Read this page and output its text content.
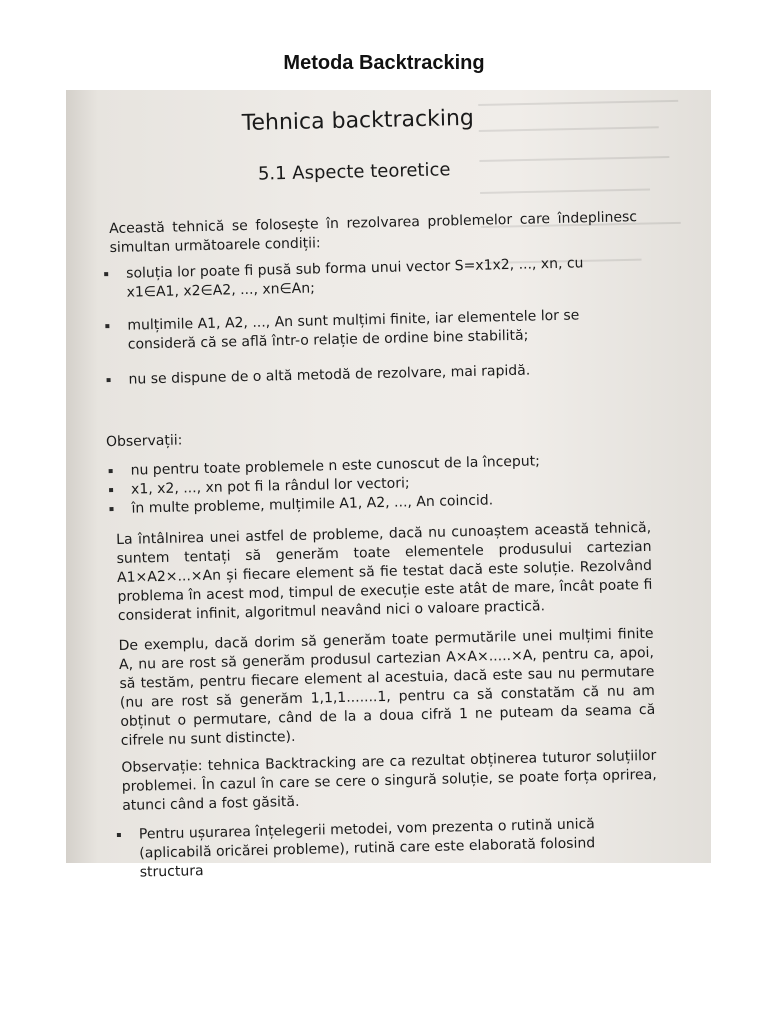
Metoda Backtracking
Tehnica backtracking
5.1 Aspecte teoretice
Această tehnică se folosește în rezolvarea problemelor care îndeplinesc simultan următoarele condiții:
soluția lor poate fi pusă sub forma unui vector S=x1x2, ..., xn, cu x1∈A1, x2∈A2, ..., xn∈An;
mulțimile A1, A2, ..., An sunt mulțimi finite, iar elementele lor se consideră că se află într-o relație de ordine bine stabilită;
nu se dispune de o altă metodă de rezolvare, mai rapidă.
Observații:
nu pentru toate problemele n este cunoscut de la început;
x1, x2, ..., xn pot fi la rândul lor vectori;
în multe probleme, mulțimile A1, A2, ..., An coincid.
La întâlnirea unei astfel de probleme, dacă nu cunoaștem această tehnică, suntem tentați să generăm toate elementele produsului cartezian A1×A2×...×An și fiecare element să fie testat dacă este soluție. Rezolvând problema în acest mod, timpul de execuție este atât de mare, încât poate fi considerat infinit, algoritmul neavând nici o valoare practică.
De exemplu, dacă dorim să generăm toate permutările unei mulțimi finite A, nu are rost să generăm produsul cartezian A×A×.....×A, pentru ca, apoi, să testăm, pentru fiecare element al acestuia, dacă este sau nu permutare (nu are rost să generăm 1,1,1.......1, pentru ca să constatăm că nu am obținut o permutare, când de la a doua cifră 1 ne puteam da seama că cifrele nu sunt distincte).
Observație: tehnica Backtracking are ca rezultat obținerea tuturor soluțiilor problemei. În cazul în care se cere o singură soluție, se poate forța oprirea, atunci când a fost găsită.
Pentru ușurarea înțelegerii metodei, vom prezenta o rutină unică (aplicabilă oricărei probleme), rutină care este elaborată folosind structura
